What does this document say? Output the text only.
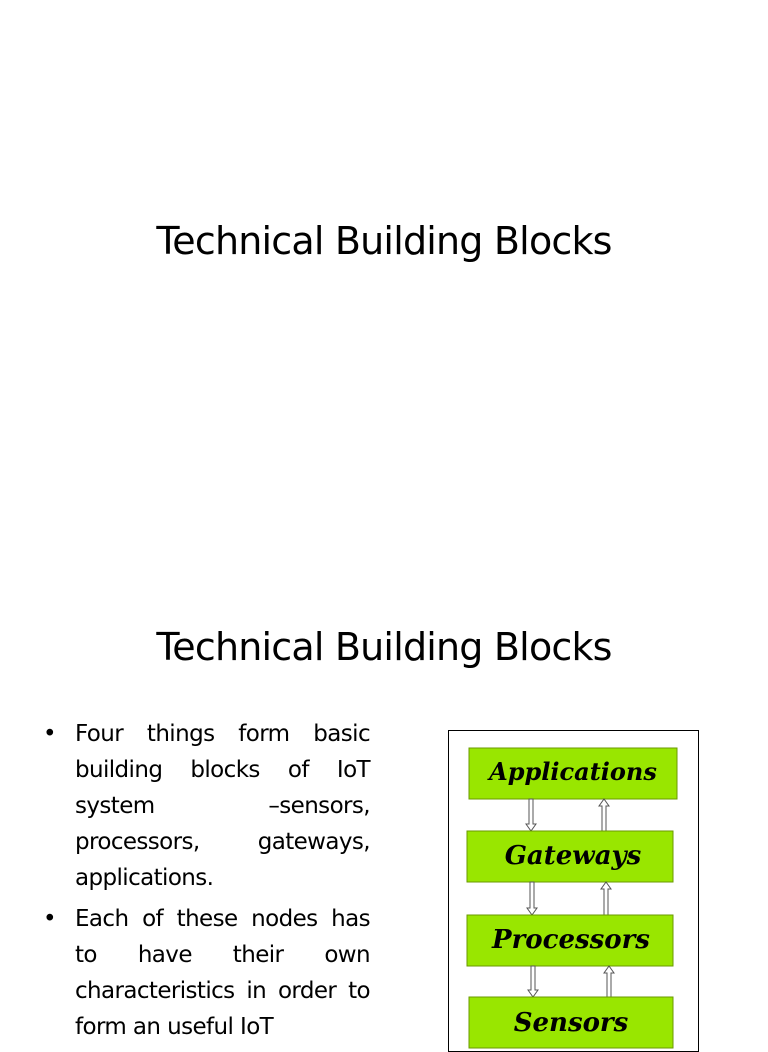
Technical Building Blocks
Technical Building Blocks
• Four things form basic building blocks of IoT system –sensors, processors, gateways, applications.
• Each of these nodes has to have their own characteristics in order to form an useful IoT
Applications
Gateways
Processors
Sensors
